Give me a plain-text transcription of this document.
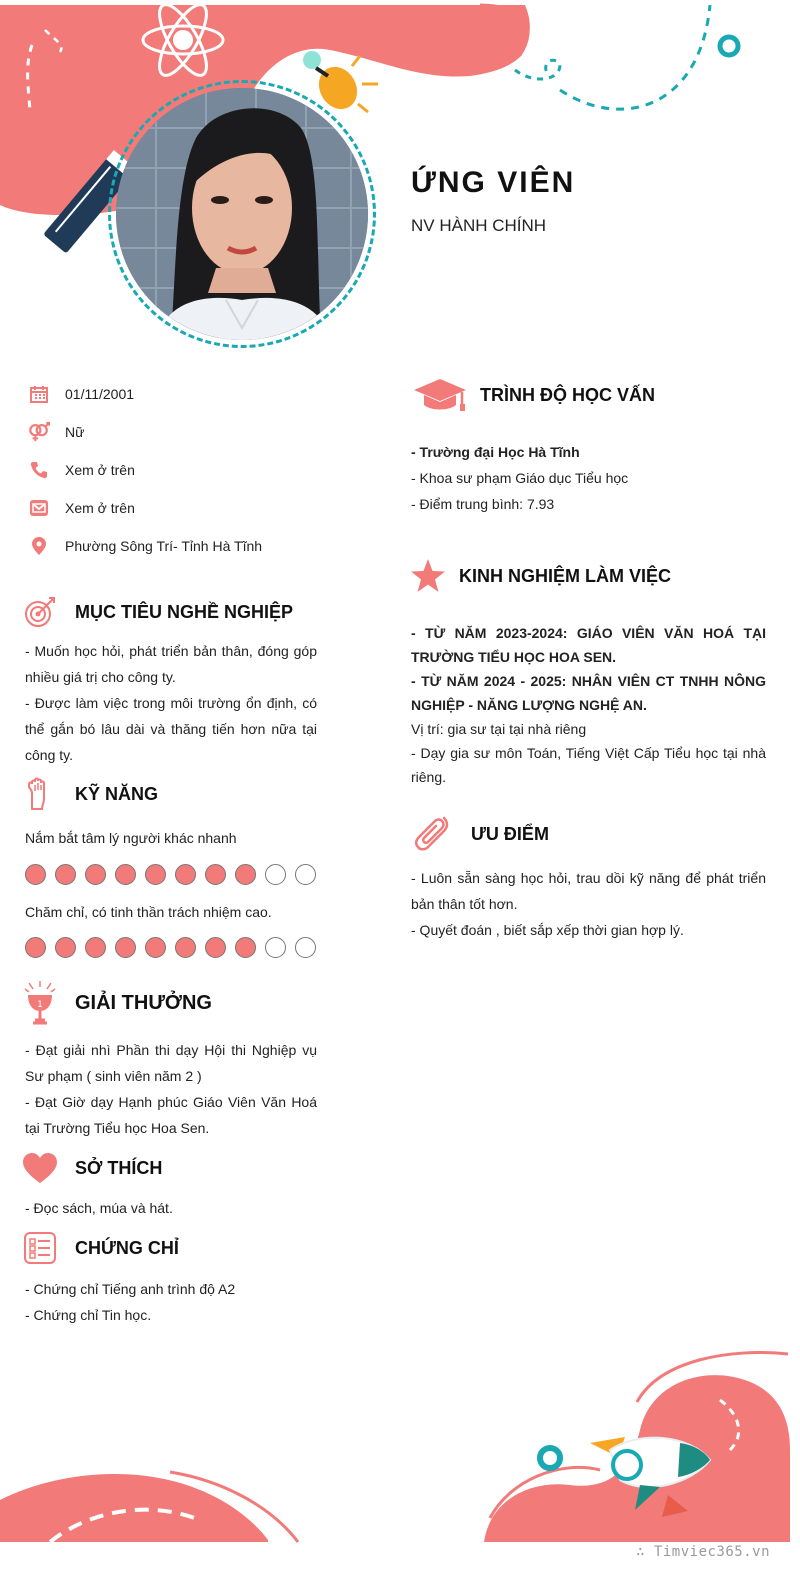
ỨNG VIÊN
NV HÀNH CHÍNH
01/11/2001
Nữ
Xem ở trên
Xem ở trên
Phường Sông Trí- Tỉnh Hà Tĩnh
MỤC TIÊU NGHỀ NGHIỆP

- Muốn học hỏi, phát triển bản thân, đóng góp nhiều giá trị cho công ty.

- Được làm việc trong môi trường ổn định, có thể gắn bó lâu dài và thăng tiến hơn nữa tại công ty.

KỸ NĂNG
Nắm bắt tâm lý người khác nhanh
Chăm chỉ, có tinh thần trách nhiệm cao.
1 GIẢI THƯỞNG

- Đạt giải nhì Phần thi dạy Hội thi Nghiệp vụ Sư phạm ( sinh viên năm 2 )

- Đạt Giờ dạy Hạnh phúc Giáo Viên Văn Hoá tại Trường Tiểu học Hoa Sen.

SỞ THÍCH

- Đọc sách, múa và hát.

CHỨNG CHỈ

- Chứng chỉ Tiếng anh trình độ A2

- Chứng chỉ Tin học.

TRÌNH ĐỘ HỌC VẤN

- Trường đại Học Hà Tĩnh

- Khoa sư phạm Giáo dục Tiểu học

- Điểm trung bình: 7.93

KINH NGHIỆM LÀM VIỆC

- TỪ NĂM 2023-2024: GIÁO VIÊN VĂN HOÁ TẠI TRƯỜNG TIỂU HỌC HOA SEN.

- TỪ NĂM 2024 - 2025: NHÂN VIÊN CT TNHH NÔNG NGHIỆP - NĂNG LƯỢNG NGHỆ AN.

Vị trí: gia sư tại tại nhà riêng

- Dạy gia sư môn Toán, Tiếng Việt Cấp Tiểu học tại nhà riêng.

ƯU ĐIỂM

- Luôn sẵn sàng học hỏi, trau dồi kỹ năng để phát triển bản thân tốt hơn.

- Quyết đoán , biết sắp xếp thời gian hợp lý.

∴ Timviec365.vn
